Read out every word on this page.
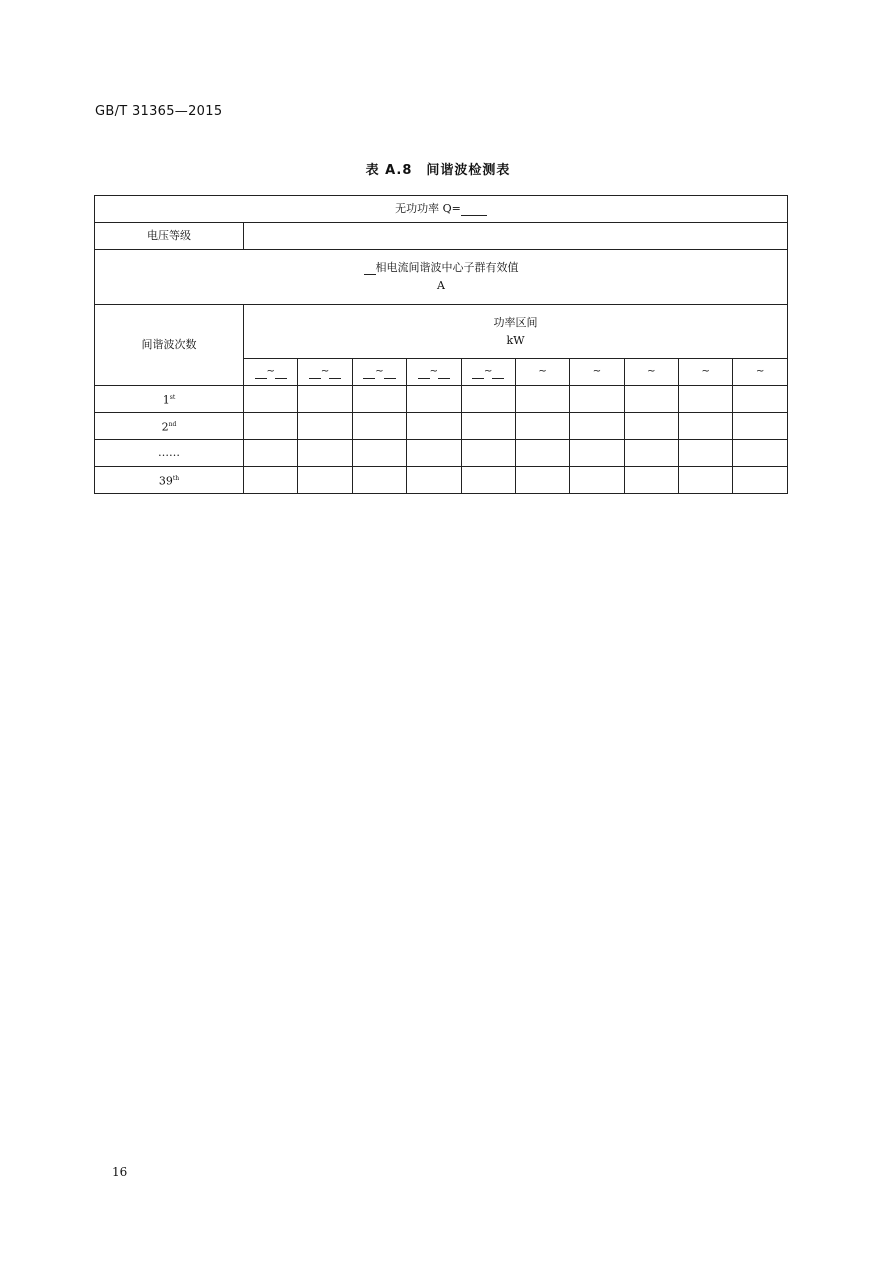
GB/T 31365—2015
表 A.8　间谐波检测表
无功功率 Q=										
电压等级										

相电流间谐波中心子群有效值
A										

间谐波次数	功率区间
kW									

	~	~	~	~	~	~	~	~	~	~
1st										
2nd										
……										
39th										
16
